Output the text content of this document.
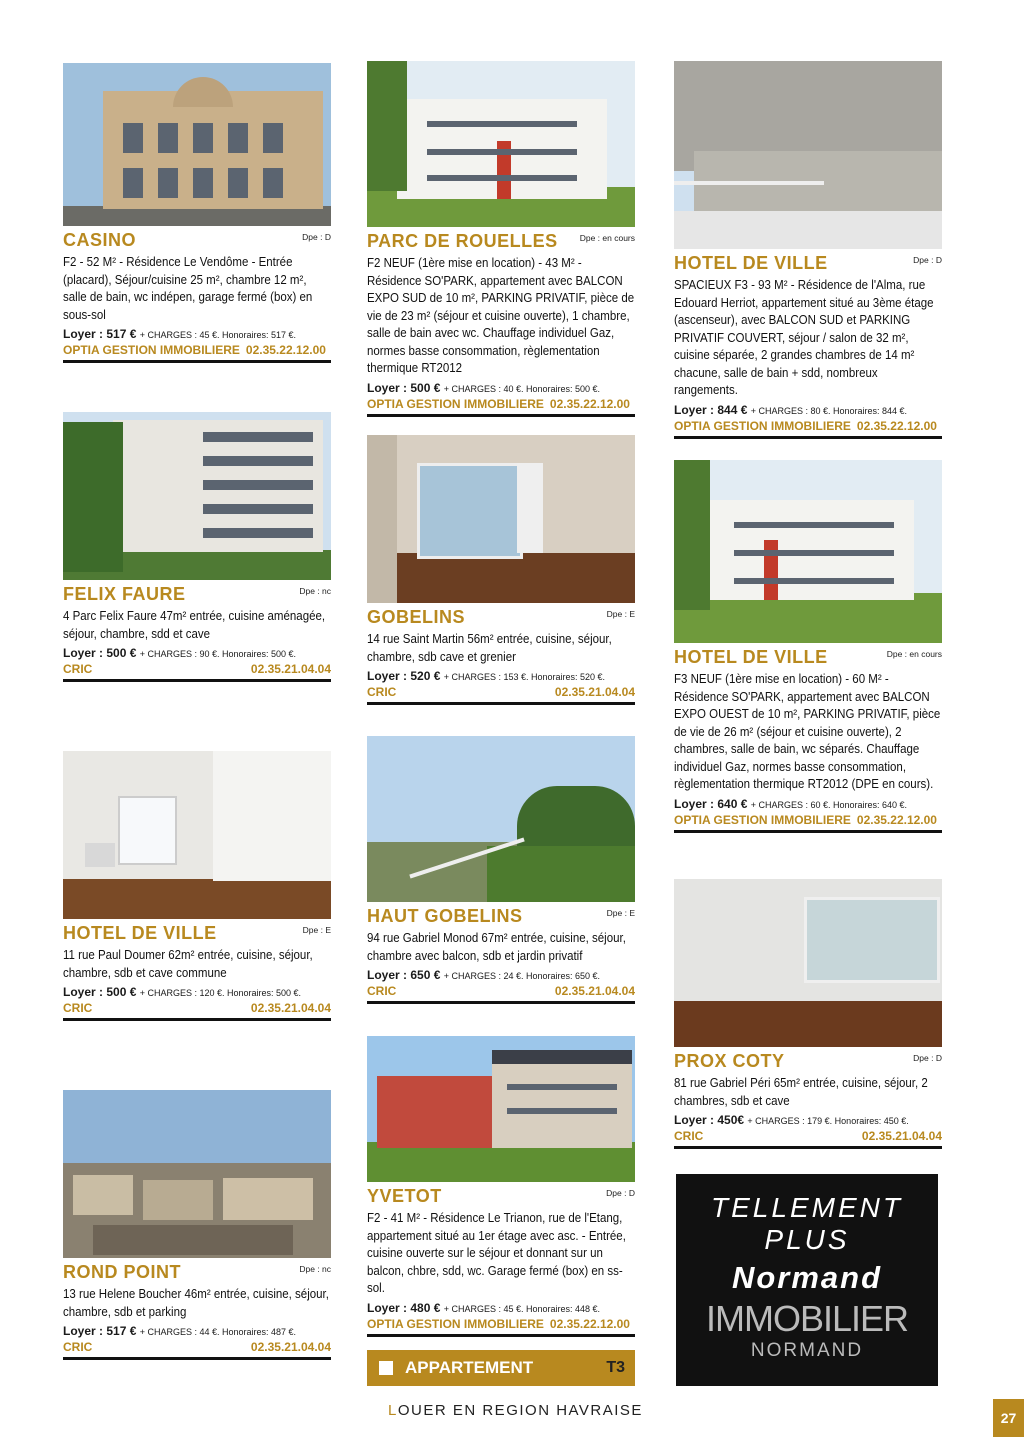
CASINO	Dpe : D
F2 - 52 M² - Résidence Le Vendôme - Entrée (placard), Séjour/cuisine 25 m², chambre 12 m², salle de bain, wc indépen, garage fermé (box) en sous-sol
Loyer : 517 € + CHARGES : 45 €. Honoraires: 517 €.
OPTIA GESTION IMMOBILIERE 02.35.22.12.00
FELIX FAURE	Dpe : nc
4 Parc Felix Faure 47m² entrée, cuisine aménagée, séjour, chambre, sdd et cave
Loyer : 500 € + CHARGES : 90 €. Honoraires: 500 €.
CRIC	02.35.21.04.04
HOTEL DE VILLE	Dpe : E
11 rue Paul Doumer 62m² entrée, cuisine, séjour, chambre, sdb et cave commune
Loyer : 500 € + CHARGES : 120 €. Honoraires: 500 €.
CRIC	02.35.21.04.04
ROND POINT	Dpe : nc
13 rue Helene Boucher 46m² entrée, cuisine, séjour, chambre, sdb et parking
Loyer : 517 € + CHARGES : 44 €. Honoraires: 487 €.
CRIC	02.35.21.04.04
PARC DE ROUELLES	Dpe : en cours
F2 NEUF (1ère mise en location) - 43 M² - Résidence SO'PARK, appartement avec BALCON EXPO SUD de 10 m², PARKING PRIVATIF, pièce de vie de 23 m² (séjour et cuisine ouverte), 1 chambre, salle de bain avec wc. Chauffage individuel Gaz, normes basse consommation, règlementation thermique RT2012
Loyer : 500 € + CHARGES : 40 €. Honoraires: 500 €.
OPTIA GESTION IMMOBILIERE 02.35.22.12.00
GOBELINS	Dpe : E
14 rue Saint Martin 56m² entrée, cuisine, séjour, chambre, sdb cave et grenier
Loyer : 520 € + CHARGES : 153 €. Honoraires: 520 €.
CRIC	02.35.21.04.04
HAUT GOBELINS	Dpe : E
94 rue Gabriel Monod 67m² entrée, cuisine, séjour, chambre avec balcon, sdb et jardin privatif
Loyer : 650 € + CHARGES : 24 €. Honoraires: 650 €.
CRIC	02.35.21.04.04
YVETOT	Dpe : D
F2 - 41 M² - Résidence Le Trianon, rue de l'Etang, appartement situé au 1er étage avec asc. - Entrée, cuisine ouverte sur le séjour et donnant sur un balcon, chbre, sdd, wc. Garage fermé (box) en ss-sol.
Loyer : 480 € + CHARGES : 45 €. Honoraires: 448 €.
OPTIA GESTION IMMOBILIERE 02.35.22.12.00
HOTEL DE VILLE	Dpe : D
SPACIEUX F3 - 93 M² - Résidence de l'Alma, rue Edouard Herriot, appartement situé au 3ème étage (ascenseur), avec BALCON SUD et PARKING PRIVATIF COUVERT, séjour / salon de 32 m², cuisine séparée, 2 grandes chambres de 14 m² chacune, salle de bain + sdd, nombreux rangements.
Loyer : 844 € + CHARGES : 80 €. Honoraires: 844 €.
OPTIA GESTION IMMOBILIERE 02.35.22.12.00
HOTEL DE VILLE	Dpe : en cours
F3 NEUF (1ère mise en location) - 60 M² - Résidence SO'PARK, appartement avec BALCON EXPO OUEST de 10 m², PARKING PRIVATIF, pièce de vie de 26 m² (séjour et cuisine ouverte), 2 chambres, salle de bain, wc séparés. Chauffage individuel Gaz, normes basse consommation, règlementation thermique RT2012 (DPE en cours).
Loyer : 640 € + CHARGES : 60 €. Honoraires: 640 €.
OPTIA GESTION IMMOBILIERE 02.35.22.12.00
PROX COTY	Dpe : D
81 rue Gabriel Péri 65m² entrée, cuisine, séjour, 2 chambres, sdb et cave
Loyer : 450€ + CHARGES : 179 €. Honoraires: 450 €.
CRIC	02.35.21.04.04
APPARTEMENT	T3
TELLEMENT
PLUS
Normand
IMMOBILIER
NORMAND
LOUER EN REGION HAVRAISE	27
